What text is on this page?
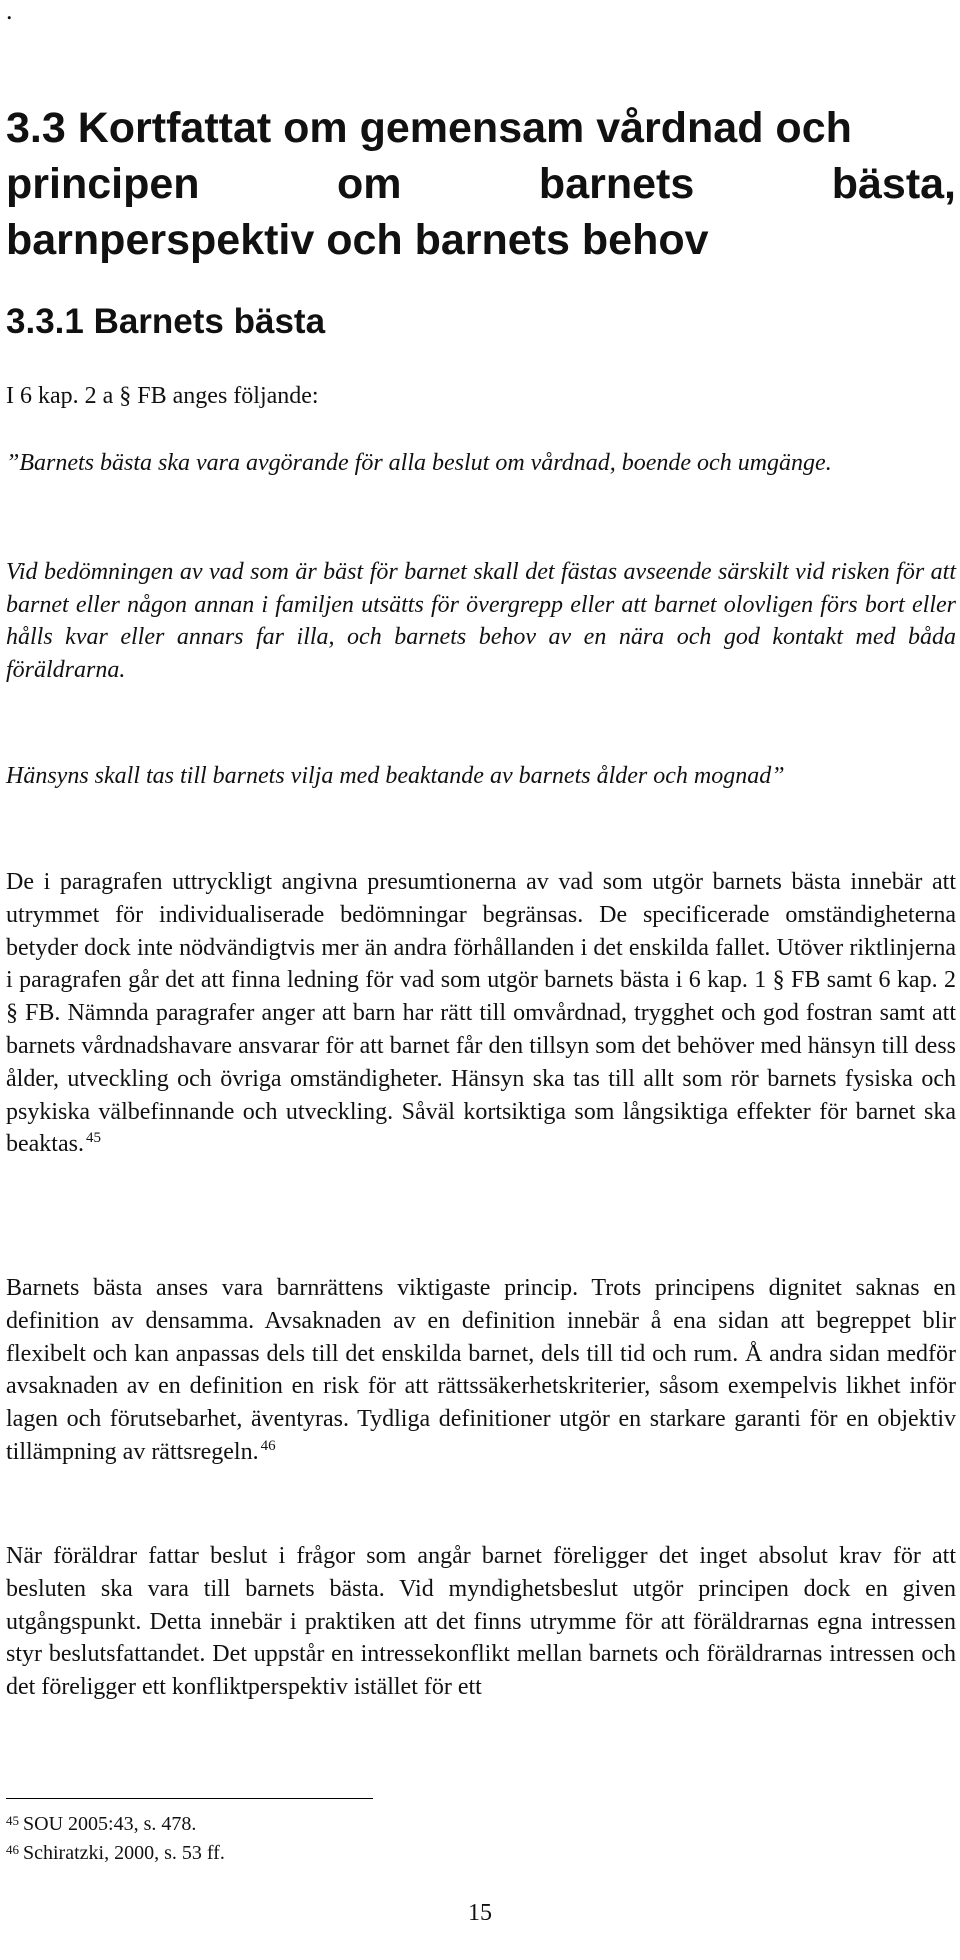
.
3.3 Kortfattat om gemensam vårdnad och
principen om barnets bästa,
barnperspektiv och barnets behov
3.3.1 Barnets bästa

I 6 kap. 2 a § FB anges följande:

”Barnets bästa ska vara avgörande för alla beslut om vårdnad, boende och umgänge.

Vid bedömningen av vad som är bäst för barnet skall det fästas avseende särskilt vid risken för att barnet eller någon annan i familjen utsätts för övergrepp eller att barnet olovligen förs bort eller hålls kvar eller annars far illa, och barnets behov av en nära och god kontakt med båda föräldrarna.

Hänsyns skall tas till barnets vilja med beaktande av barnets ålder och mognad”

De i paragrafen uttryckligt angivna presumtionerna av vad som utgör barnets bästa innebär att utrymmet för individualiserade bedömningar begränsas. De specificerade omständigheterna betyder dock inte nödvändigtvis mer än andra förhållanden i det enskilda fallet. Utöver riktlinjerna i paragrafen går det att finna ledning för vad som utgör barnets bästa i 6 kap. 1 § FB samt 6 kap. 2 § FB. Nämnda paragrafer anger att barn har rätt till omvårdnad, trygghet och god fostran samt att barnets vårdnadshavare ansvarar för att barnet får den tillsyn som det behöver med hänsyn till dess ålder, utveckling och övriga omständigheter. Hänsyn ska tas till allt som rör barnets fysiska och psykiska välbefinnande och utveckling. Såväl kortsiktiga som långsiktiga effekter för barnet ska beaktas. $^{45}$

Barnets bästa anses vara barnrättens viktigaste princip. Trots principens dignitet saknas en definition av densamma. Avsaknaden av en definition innebär å ena sidan att begreppet blir flexibelt och kan anpassas dels till det enskilda barnet, dels till tid och rum. Å andra sidan medför avsaknaden av en definition en risk för att rättssäkerhetskriterier, såsom exempelvis likhet inför lagen och förutsebarhet, äventyras. Tydliga definitioner utgör en starkare garanti för en objektiv tillämpning av rättsregeln. $^{46}$

När föräldrar fattar beslut i frågor som angår barnet föreligger det inget absolut krav för att besluten ska vara till barnets bästa. Vid myndighetsbeslut utgör principen dock en given utgångspunkt. Detta innebär i praktiken att det finns utrymme för att föräldrarnas egna intressen styr beslutsfattandet. Det uppstår en intressekonflikt mellan barnets och föräldrarnas intressen och det föreligger ett konfliktperspektiv istället för ett

$^{45}$ SOU 2005:43, s. 478.

$^{46}$ Schiratzki, 2000, s. 53 ff.

15
